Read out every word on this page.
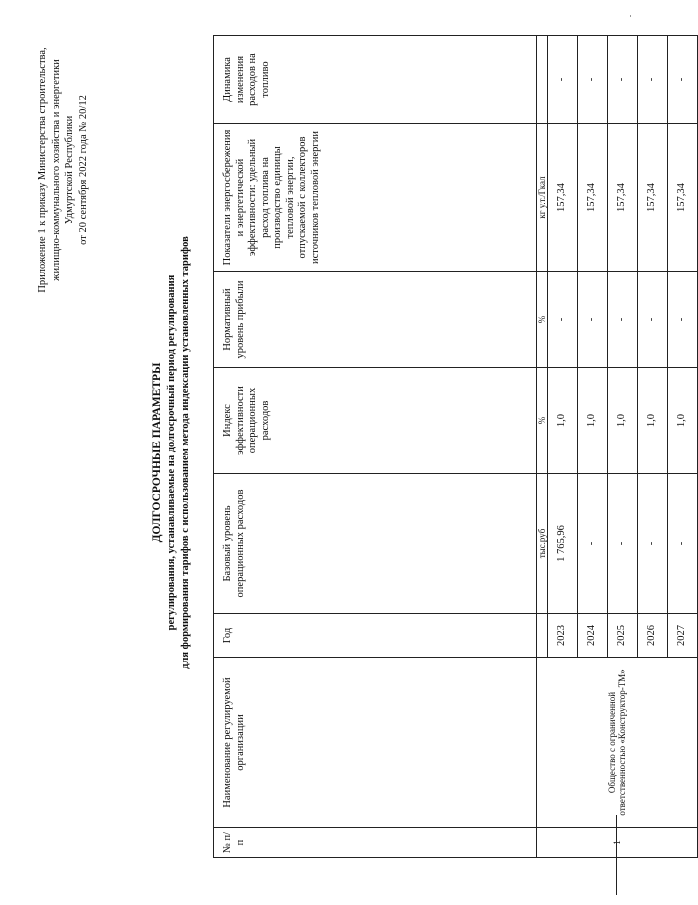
Приложение 1 к приказу Министерства строительства, жилищно-коммунального хозяйства и энергетики Удмуртской Республики от 20 сентября 2022 года № 20/12
ДОЛГОСРОЧНЫЕ ПАРАМЕТРЫ регулирования, устанавливаемые на долгосрочный период регулирования для формирования тарифов с использованием метода индексации установленных тарифов
№ п/п	Наименование регулируемой организации	Год	Базовый уровень операционных расходов	Индекс эффективности операционных расходов	Нормативный уровень прибыли	Показатели энергосбережения и энергетической эффективности: удельный расход топлива на производство единицы тепловой энергии, отпускаемой с коллекторов источников тепловой энергии	Динамика изменения расходов на топливо
1	Общество с ограниченной ответственностью «Конструктор-ТМ»		тыс.руб	%	%	кг у.т./Гкал	
		2023	1 765,96	1,0	-	157,34	-
		2024	-	1,0	-	157,34	-
		2025	-	1,0	-	157,34	-
		2026	-	1,0	-	157,34	-
		2027	-	1,0	-	157,34	-
